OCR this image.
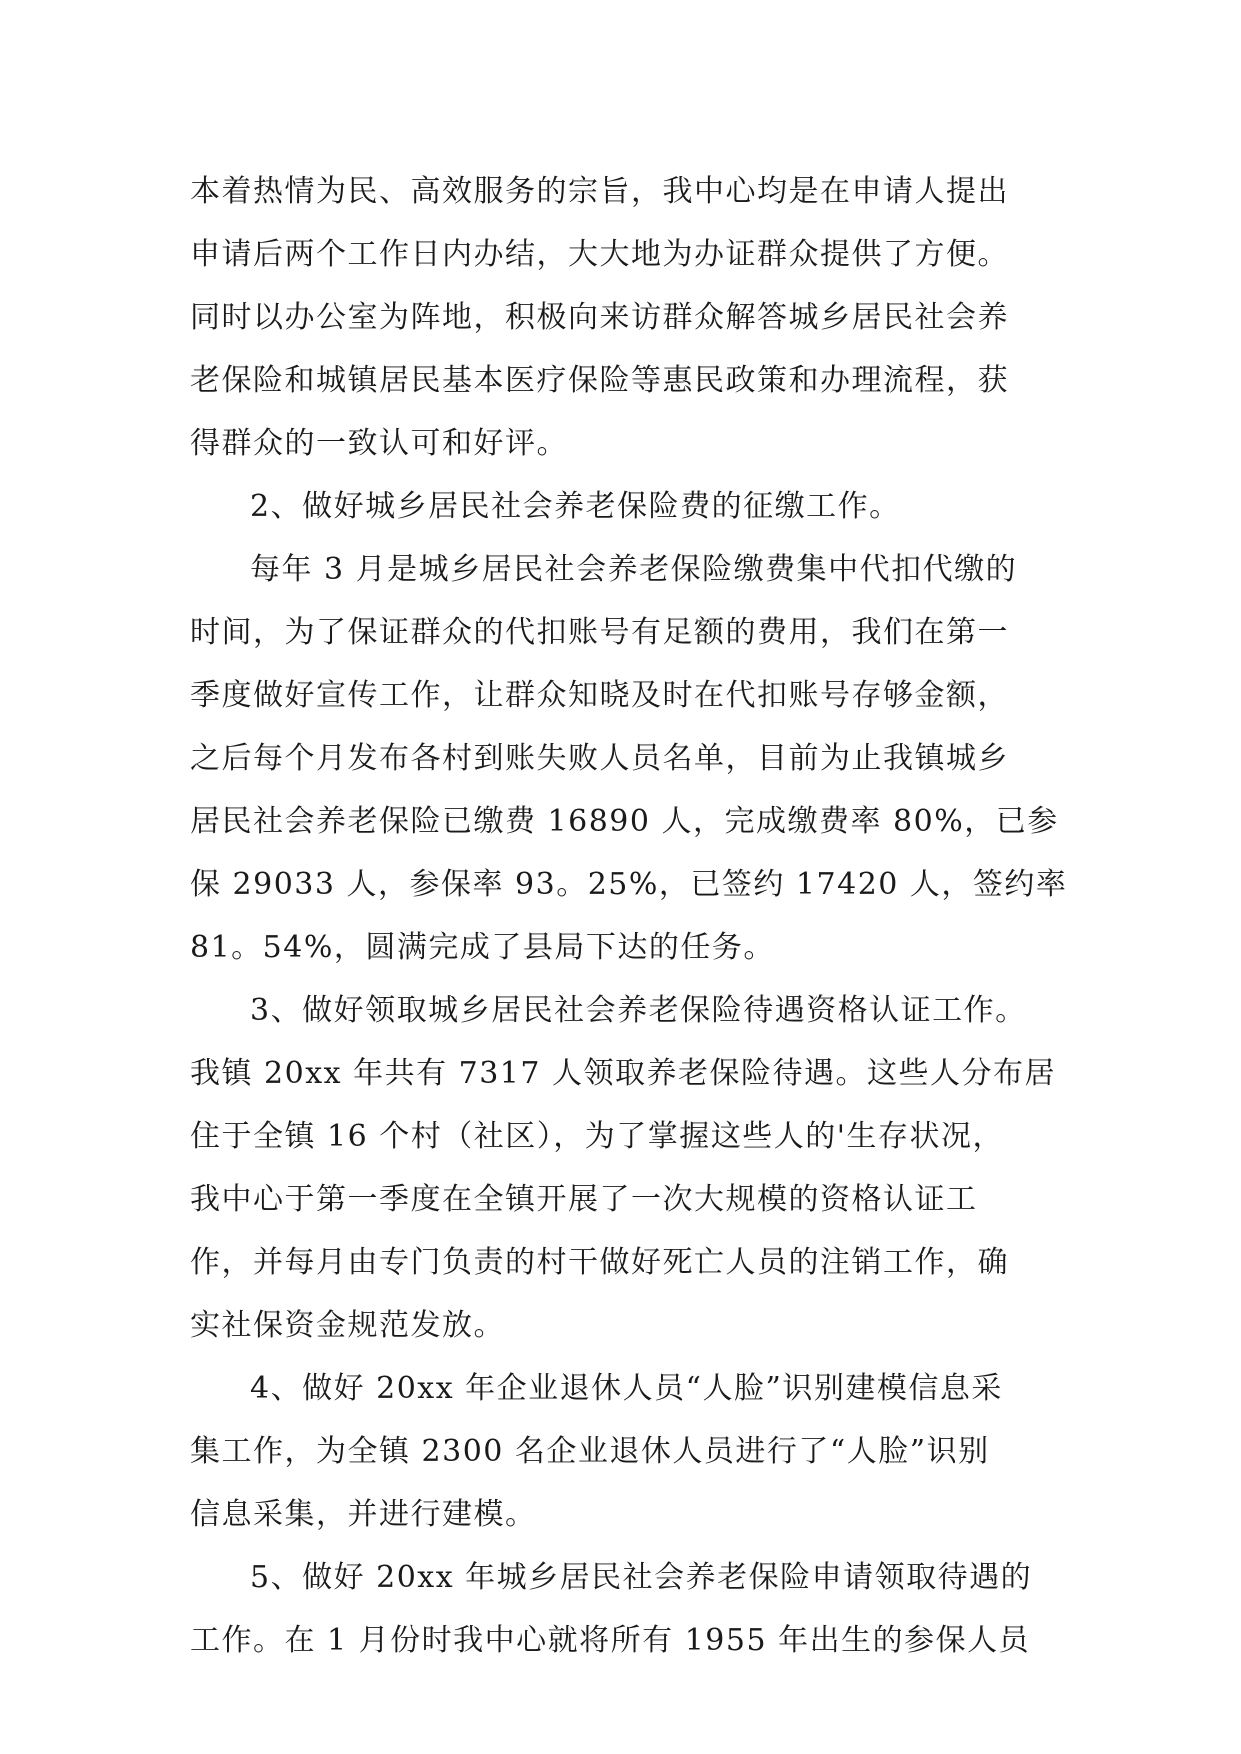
本着热情为民、高效服务的宗旨，我中心均是在申请人提出
申请后两个工作日内办结，大大地为办证群众提供了方便。
同时以办公室为阵地，积极向来访群众解答城乡居民社会养
老保险和城镇居民基本医疗保险等惠民政策和办理流程，获
得群众的一致认可和好评。
2、做好城乡居民社会养老保险费的征缴工作。
每年 3 月是城乡居民社会养老保险缴费集中代扣代缴的
时间，为了保证群众的代扣账号有足额的费用，我们在第一
季度做好宣传工作，让群众知晓及时在代扣账号存够金额，
之后每个月发布各村到账失败人员名单，目前为止我镇城乡
居民社会养老保险已缴费 16890 人，完成缴费率 80%，已参
保 29033 人，参保率 93。25%，已签约 17420 人，签约率
81。54%，圆满完成了县局下达的任务。
3、做好领取城乡居民社会养老保险待遇资格认证工作。
我镇 20xx 年共有 7317 人领取养老保险待遇。这些人分布居
住于全镇 16 个村（社区），为了掌握这些人的'生存状况，
我中心于第一季度在全镇开展了一次大规模的资格认证工
作，并每月由专门负责的村干做好死亡人员的注销工作，确
实社保资金规范发放。
4、做好 20xx 年企业退休人员“人脸”识别建模信息采
集工作，为全镇 2300 名企业退休人员进行了“人脸”识别
信息采集，并进行建模。
5、做好 20xx 年城乡居民社会养老保险申请领取待遇的
工作。在 1 月份时我中心就将所有 1955 年出生的参保人员
